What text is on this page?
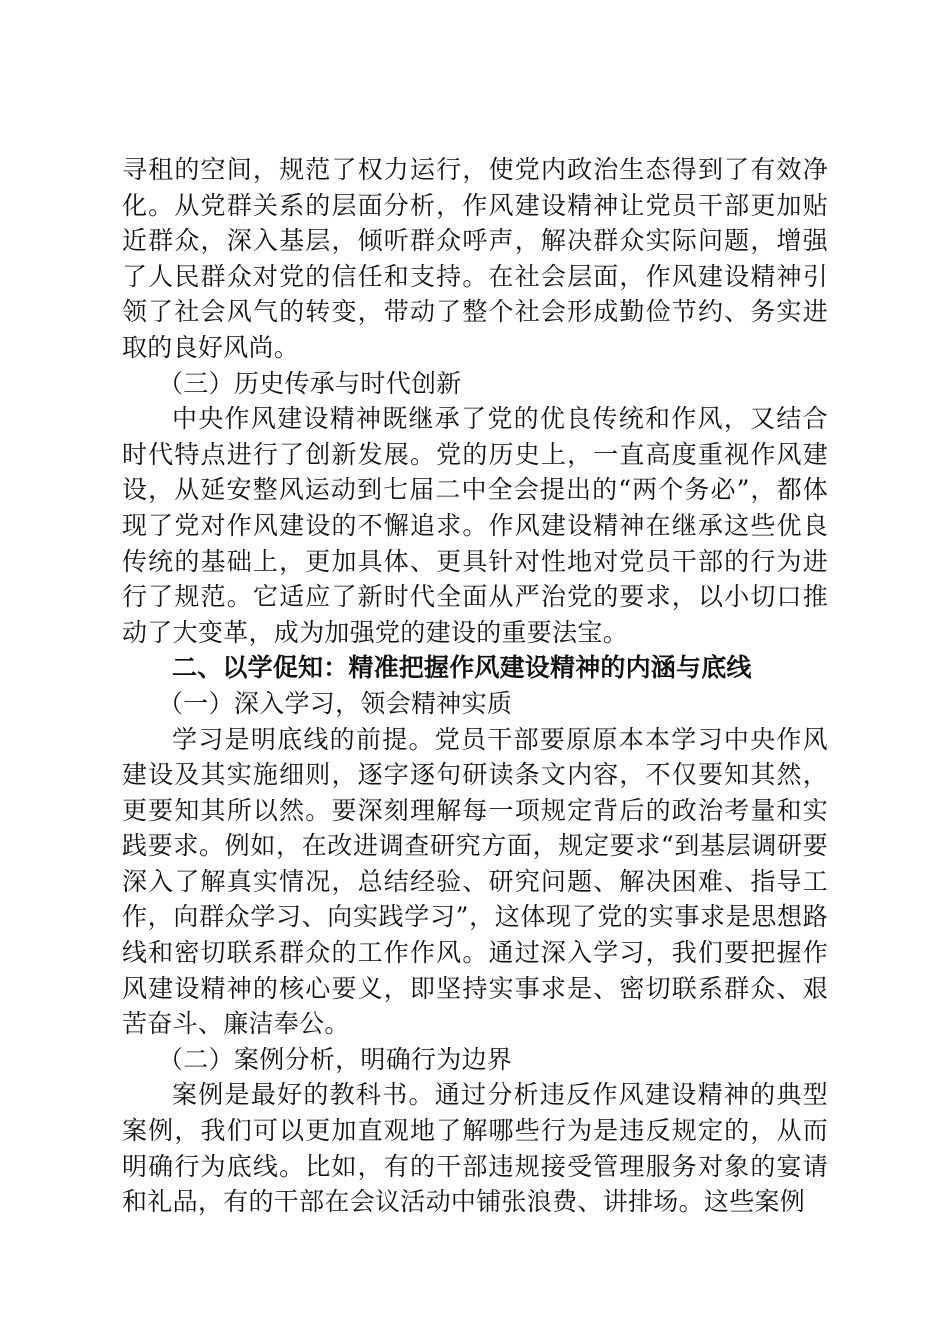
寻租的空间，规范了权力运行，使党内政治生态得到了有效净化。从党群关系的层面分析，作风建设精神让党员干部更加贴近群众，深入基层，倾听群众呼声，解决群众实际问题，增强了人民群众对党的信任和支持。在社会层面，作风建设精神引领了社会风气的转变，带动了整个社会形成勤俭节约、务实进取的良好风尚。

（三）历史传承与时代创新

中央作风建设精神既继承了党的优良传统和作风，又结合时代特点进行了创新发展。党的历史上，一直高度重视作风建设，从延安整风运动到七届二中全会提出的“两个务必”，都体现了党对作风建设的不懈追求。作风建设精神在继承这些优良传统的基础上，更加具体、更具针对性地对党员干部的行为进行了规范。它适应了新时代全面从严治党的要求，以小切口推动了大变革，成为加强党的建设的重要法宝。

二、以学促知：精准把握作风建设精神的内涵与底线

（一）深入学习，领会精神实质

学习是明底线的前提。党员干部要原原本本学习中央作风建设及其实施细则，逐字逐句研读条文内容，不仅要知其然，更要知其所以然。要深刻理解每一项规定背后的政治考量和实践要求。例如，在改进调查研究方面，规定要求“到基层调研要深入了解真实情况，总结经验、研究问题、解决困难、指导工作，向群众学习、向实践学习”，这体现了党的实事求是思想路线和密切联系群众的工作作风。通过深入学习，我们要把握作风建设精神的核心要义，即坚持实事求是、密切联系群众、艰苦奋斗、廉洁奉公。

（二）案例分析，明确行为边界

案例是最好的教科书。通过分析违反作风建设精神的典型案例，我们可以更加直观地了解哪些行为是违反规定的，从而明确行为底线。比如，有的干部违规接受管理服务对象的宴请和礼品，有的干部在会议活动中铺张浪费、讲排场。这些案例
